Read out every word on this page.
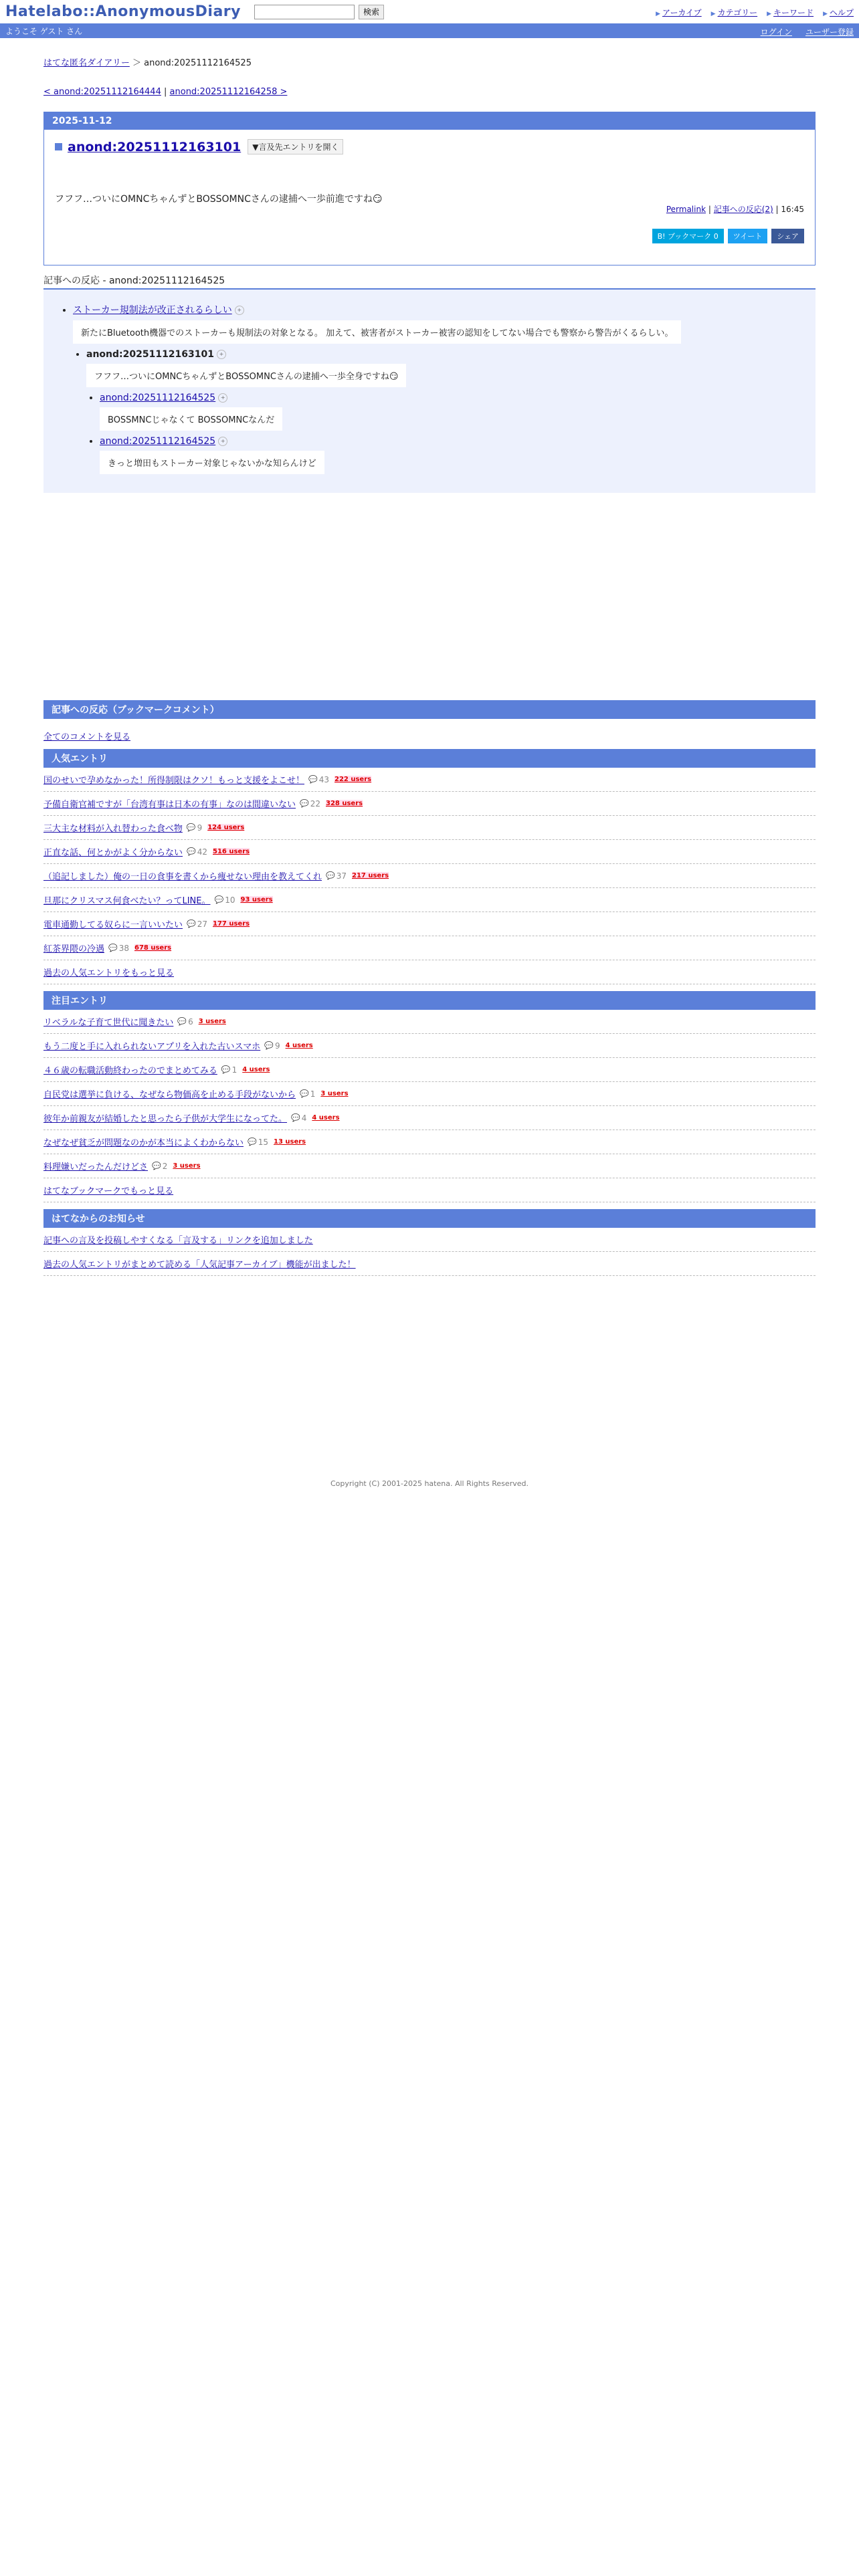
Hatelabo::AnonymousDiary	検索	▶ アーカイブ	▶ カテゴリー	▶ キーワード	▶ ヘルプ
ようこそ ゲスト さん	ログイン ユーザー登録
はてな匿名ダイアリー ＞ anond:20251112164525
< anond:20251112164444 | anond:20251112164258 >
2025-11-12
anond:20251112163101	▼言及先エントリを開く
フフフ…ついにOMNCちゃんずとBOSSOMNCさんの逮捕へ一歩前進ですね😏
Permalink | 記事への反応(2) | 16:45
B! ブックマーク 0	ツイート	シェア
記事への反応 - anond:20251112164525
• ストーカー規制法が改正されるらしい +
新たにBluetooth機器でのストーカーも規制法の対象となる。 加えて、被害者がストーカー被害の認知をしてない場合でも警察から警告がくるらしい。
• anond:20251112163101 +
フフフ…ついにOMNCちゃんずとBOSSOMNCさんの逮捕へ一歩全身ですね😏
• anond:20251112164525 +
BOSSMNCじゃなくて BOSSOMNCなんだ
• anond:20251112164525 +
きっと増田もストーカー対象じゃないかな知らんけど
記事への反応（ブックマークコメント）
全てのコメントを見る
人気エントリ
国のせいで孕めなかった！所得制限はクソ！もっと支援をよこせ！	💬 43 222 users
予備自衛官補ですが「台湾有事は日本の有事」なのは間違いない	💬 22 328 users
三大主な材料が入れ替わった食べ物	💬 9 124 users
正直な話、何とかがよく分からない	💬 42 516 users
（追記しました）俺の一日の食事を書くから痩せない理由を教えてくれ	💬 37 217 users
旦那にクリスマス何食べたい？ってLINE。	💬 10 93 users
電車通勤してる奴らに一言いいたい	💬 27 177 users
紅茶界隈の冷遇	💬 38 678 users
過去の人気エントリをもっと見る
注目エントリ
リベラルな子育て世代に聞きたい	💬 6 3 users
もう二度と手に入れられないアプリを入れた古いスマホ	💬 9 4 users
４６歳の転職活動終わったのでまとめてみる	💬 1 4 users
自民党は選挙に負ける、なぜなら物価高を止める手段がないから	💬 1 3 users
彼年か前親友が結婚したと思ったら子供が大学生になってた。	💬 4 4 users
なぜなぜ貧乏が問題なのかが本当によくわからない	💬 15 13 users
料理嫌いだったんだけどさ	💬 2 3 users
はてなブックマークでもっと見る
はてなからのお知らせ
記事への言及を投稿しやすくなる「言及する」リンクを追加しました
過去の人気エントリがまとめて読める「人気記事アーカイブ」機能が出ました！
Copyright (C) 2001-2025 hatena. All Rights Reserved.
